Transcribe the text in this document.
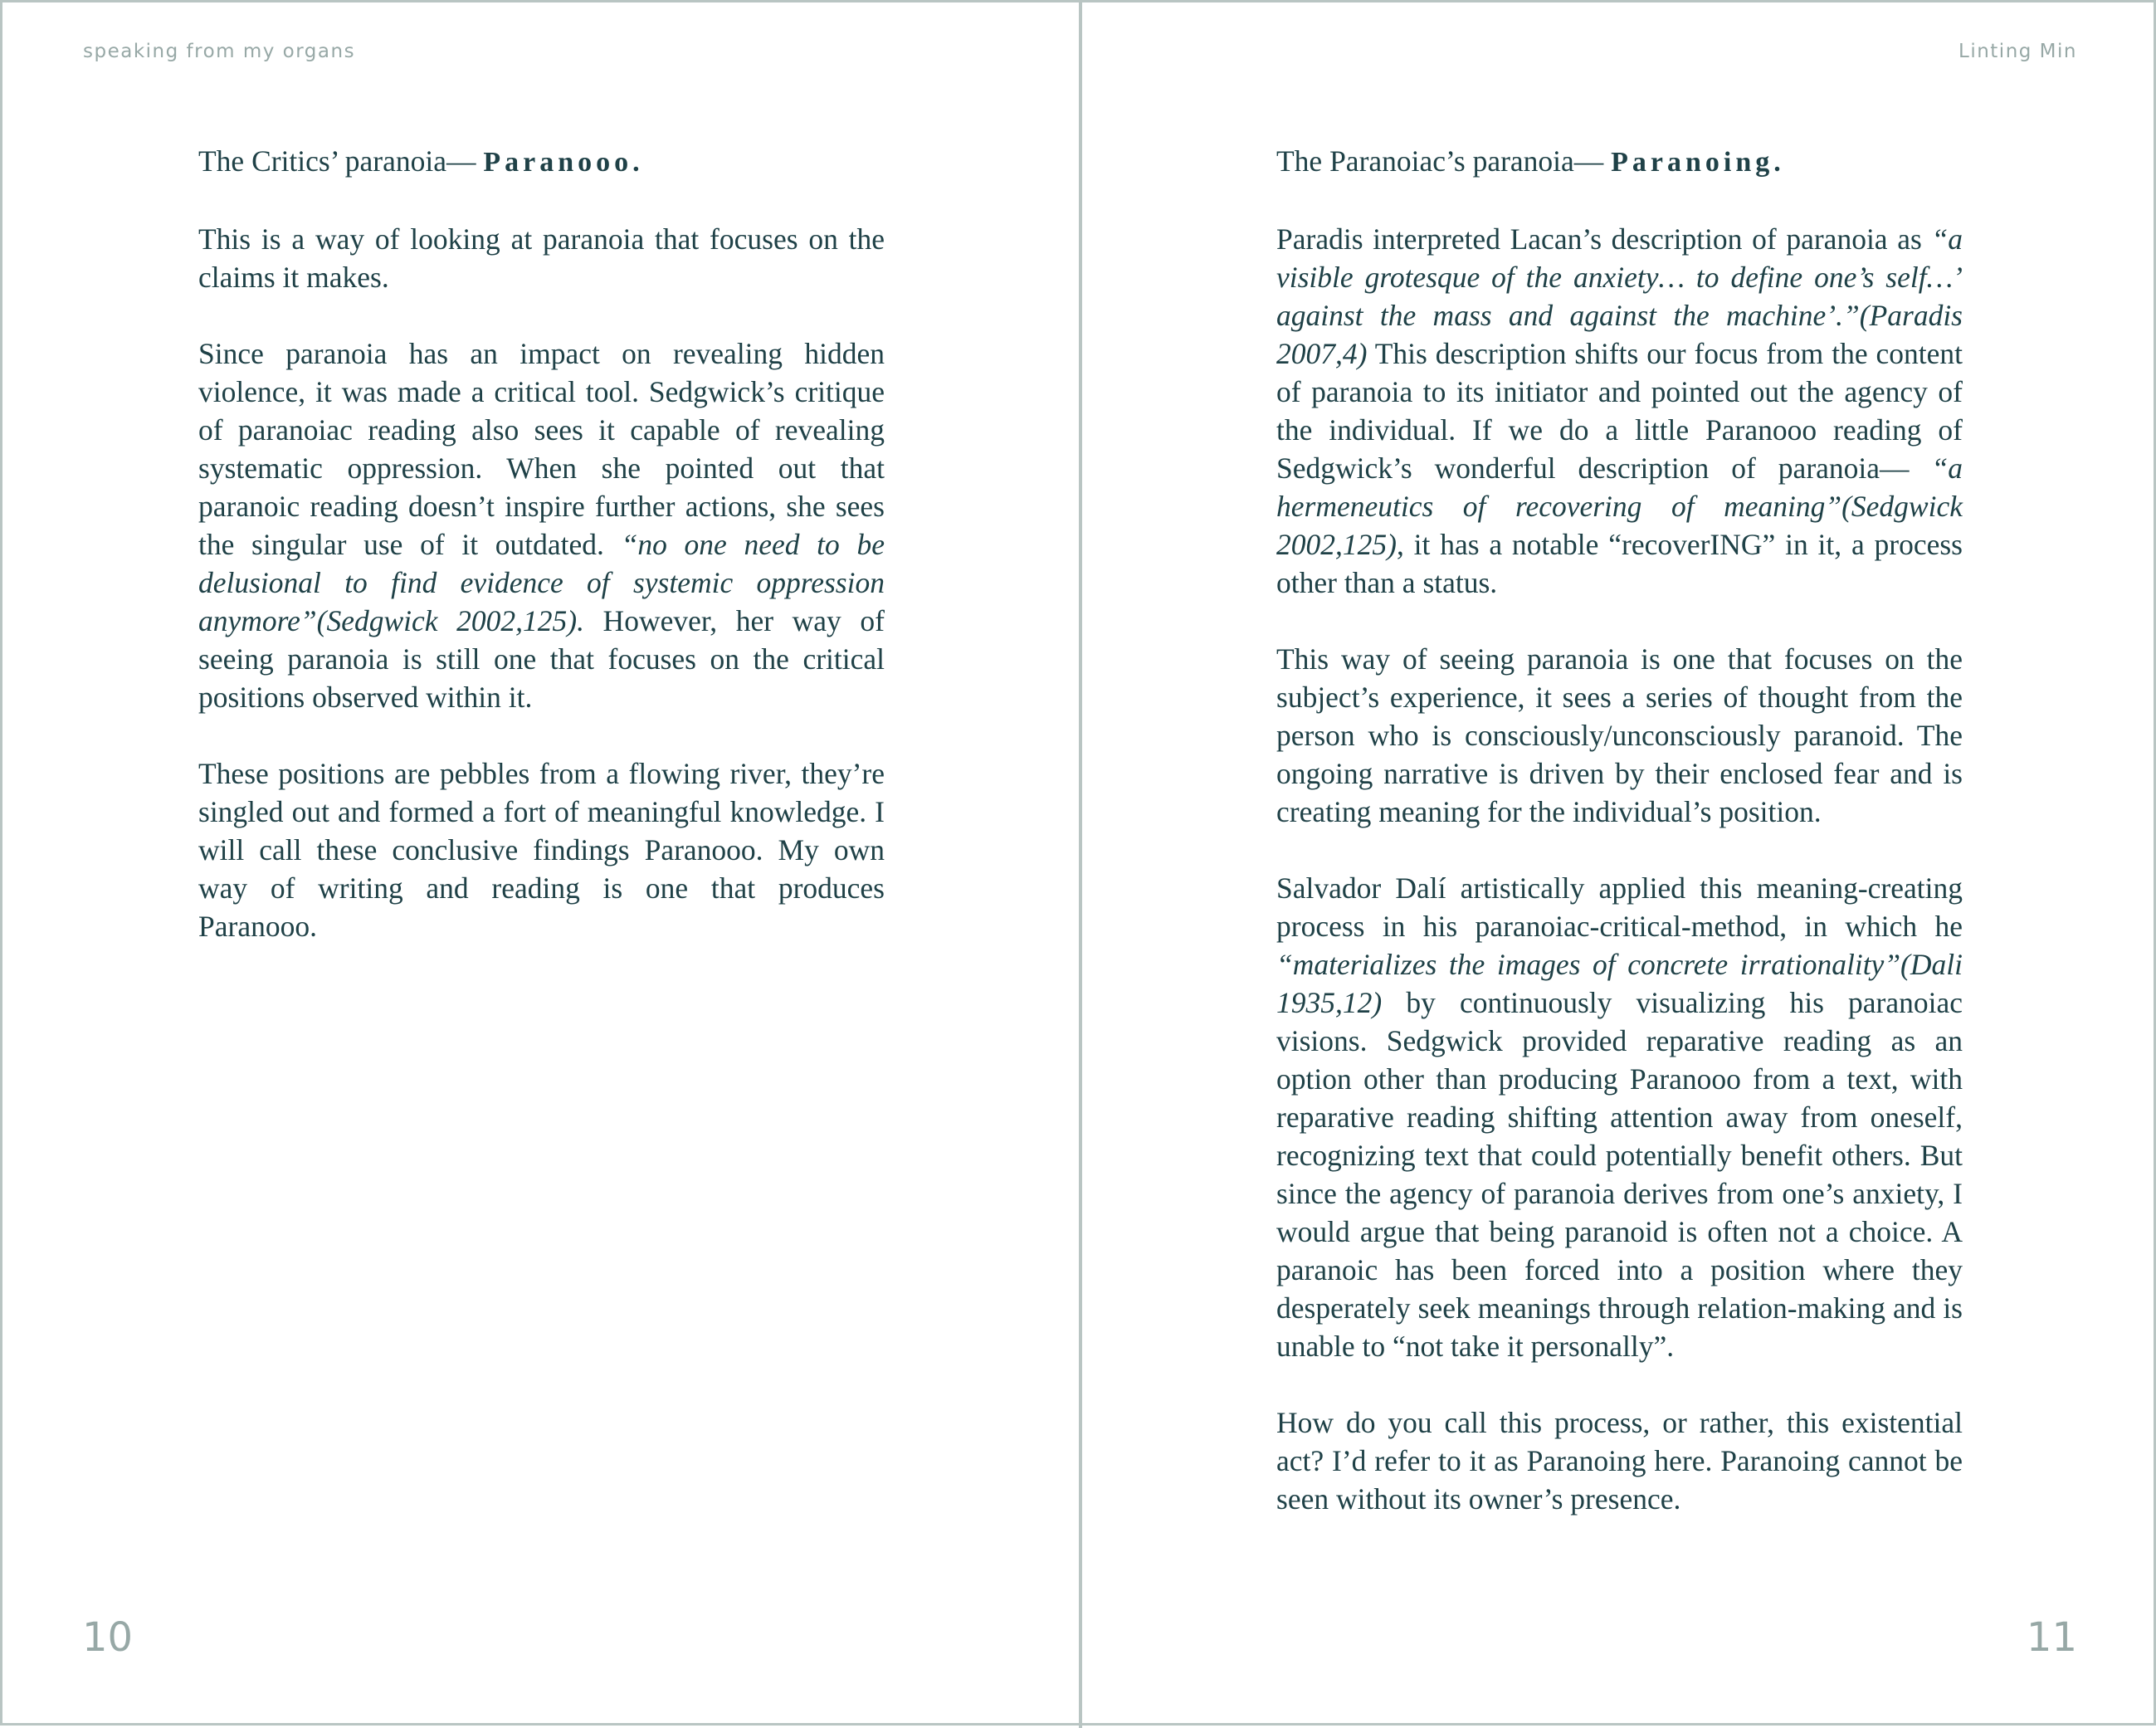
speaking from my organs
The Critics’ paranoia— Paranooo.

This is a way of looking at paranoia that focuses on the claims it makes.

Since paranoia has an impact on revealing hidden violence, it was made a critical tool. Sedgwick’s critique of paranoiac reading also sees it capable of revealing systematic oppression. When she pointed out that paranoic reading doesn’t inspire further actions, she sees the singular use of it outdated. “no one need to be delusional to find evidence of systemic oppression anymore”(Sedgwick 2002,125). However, her way of seeing paranoia is still one that focuses on the critical positions observed within it.

These positions are pebbles from a flowing river, they’re singled out and formed a fort of meaningful knowledge. I will call these conclusive findings Paranooo. My own way of writing and reading is one that produces Paranooo.

10
Linting Min
The Paranoiac’s paranoia— Paranoing.

Paradis interpreted Lacan’s description of paranoia as “a visible grotesque of the anxiety… to define one’s self…’ against the mass and against the machine’.”(Paradis 2007,4) This description shifts our focus from the content of paranoia to its initiator and pointed out the agency of the individual. If we do a little Paranooo reading of Sedgwick’s wonderful description of paranoia— “a hermeneutics of recovering of meaning”(Sedgwick 2002,125), it has a notable “recoverING” in it, a process other than a status.

This way of seeing paranoia is one that focuses on the subject’s experience, it sees a series of thought from the person who is consciously/unconsciously paranoid. The ongoing narrative is driven by their enclosed fear and is creating meaning for the individual’s position.

Salvador Dalí artistically applied this meaning-creating process in his paranoiac-critical-method, in which he “materializes the images of concrete irrationality”(Dali 1935,12) by continuously visualizing his paranoiac visions. Sedgwick provided reparative reading as an option other than producing Paranooo from a text, with reparative reading shifting attention away from oneself, recognizing text that could potentially benefit others. But since the agency of paranoia derives from one’s anxiety, I would argue that being paranoid is often not a choice. A paranoic has been forced into a position where they desperately seek meanings through relation-making and is unable to “not take it personally”.

How do you call this process, or rather, this existential act? I’d refer to it as Paranoing here. Paranoing cannot be seen without its owner’s presence.

11
